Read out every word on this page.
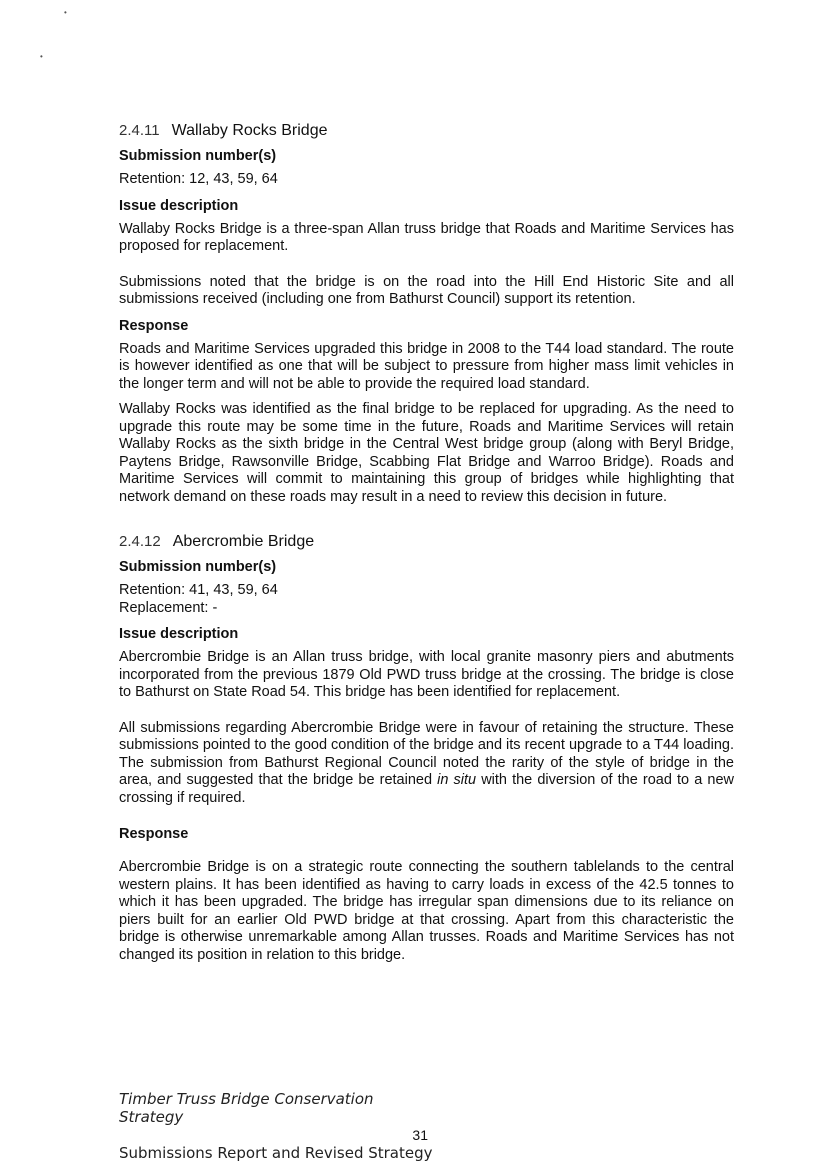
•
•
2.4.11 Wallaby Rocks Bridge
Submission number(s)

Retention: 12, 43, 59, 64

Issue description

Wallaby Rocks Bridge is a three-span Allan truss bridge that Roads and Maritime Services has proposed for replacement.

Submissions noted that the bridge is on the road into the Hill End Historic Site and all submissions received (including one from Bathurst Council) support its retention.

Response

Roads and Maritime Services upgraded this bridge in 2008 to the T44 load standard. The route is however identified as one that will be subject to pressure from higher mass limit vehicles in the longer term and will not be able to provide the required load standard.

Wallaby Rocks was identified as the final bridge to be replaced for upgrading. As the need to upgrade this route may be some time in the future, Roads and Maritime Services will retain Wallaby Rocks as the sixth bridge in the Central West bridge group (along with Beryl Bridge, Paytens Bridge, Rawsonville Bridge, Scabbing Flat Bridge and Warroo Bridge). Roads and Maritime Services will commit to maintaining this group of bridges while highlighting that network demand on these roads may result in a need to review this decision in future.

2.4.12 Abercrombie Bridge
Submission number(s)

Retention: 41, 43, 59, 64

Replacement: -

Issue description

Abercrombie Bridge is an Allan truss bridge, with local granite masonry piers and abutments incorporated from the previous 1879 Old PWD truss bridge at the crossing. The bridge is close to Bathurst on State Road 54. This bridge has been identified for replacement.

All submissions regarding Abercrombie Bridge were in favour of retaining the structure. These submissions pointed to the good condition of the bridge and its recent upgrade to a T44 loading. The submission from Bathurst Regional Council noted the rarity of the style of bridge in the area, and suggested that the bridge be retained in situ with the diversion of the road to a new crossing if required.

Response

Abercrombie Bridge is on a strategic route connecting the southern tablelands to the central western plains. It has been identified as having to carry loads in excess of the 42.5 tonnes to which it has been upgraded. The bridge has irregular span dimensions due to its reliance on piers built for an earlier Old PWD bridge at that crossing. Apart from this characteristic the bridge is otherwise unremarkable among Allan trusses. Roads and Maritime Services has not changed its position in relation to this bridge.

Timber Truss Bridge Conservation Strategy
31
Submissions Report and Revised Strategy
